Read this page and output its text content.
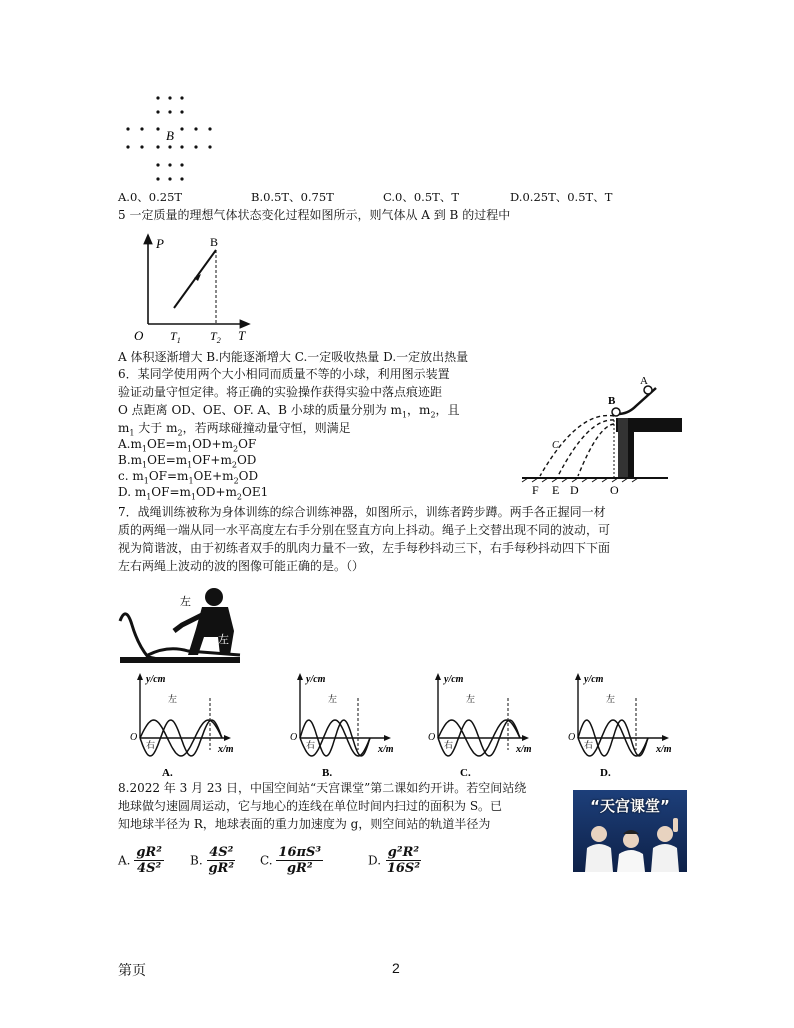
B
A.0、0.25T	B.0.5T、0.75T	C.0、0.5T、T	D.0.25T、0.5T、T
5 一定质量的理想气体状态变化过程如图所示，则气体从 A 到 B 的过程中
P	B
O $T_1$ $T_2$ T
A 体积逐渐增大 B.内能逐渐增大 C.一定吸收热量 D.一定放出热量
6．某同学使用两个大小相同而质量不等的小球，利用图示装置
验证动量守恒定律。将正确的实验操作获得实验中落点痕迹距
O 点距离 OD、OE、OF. A、B 小球的质量分别为 $m_1$，$m_2$，且
$m_1$ 大于 $m_2$，若两球碰撞动量守恒，则满足
$A.m_1OE=m_1OD+m_2OF$
$B.m_1OE=m_1OF+m_2OD$
c. $m_1OF=m_1OE+m_2OD$
D. $m_1OF=m_1OD+m_2OE1$
A
B
C
F E D	O
7．战绳训练被称为身体训练的综合训练神器，如图所示，训练者跨步蹲。两手各正握同一材
质的两绳一端从同一水平高度左右手分别在竖直方向上抖动。绳子上交替出现不同的波动，可
视为简谐波，由于初练者双手的肌肉力量不一致，左手每秒抖动三下，右手每秒抖动四下下面
左右两绳上波动的波的图像可能正确的是。（）
左
左
y/cm
x/m
O
左
右
A.
y/cm
x/m
O
左
右
B.
y/cm
x/m
O
左
右
C.
y/cm
x/m
O
左
右
D.
8.2022 年 3 月 23 日，中国空间站“天宫课堂”第二课如约开讲。若空间站绕
地球做匀速圆周运动，它与地心的连线在单位时间内扫过的面积为 S。已
知地球半径为 R，地球表面的重力加速度为 g，则空间站的轨道半径为
“天宫课堂”
A. $\frac{\text{gR²}}{\text{4S²}} B$. $\frac{\text{4S²}}{\text{gR²}} C$. $\frac{\text{16πS³}}{\text{gR²}}$	D. $\frac{\text{g²R²}}{\text{16S²}}$
第页	2
